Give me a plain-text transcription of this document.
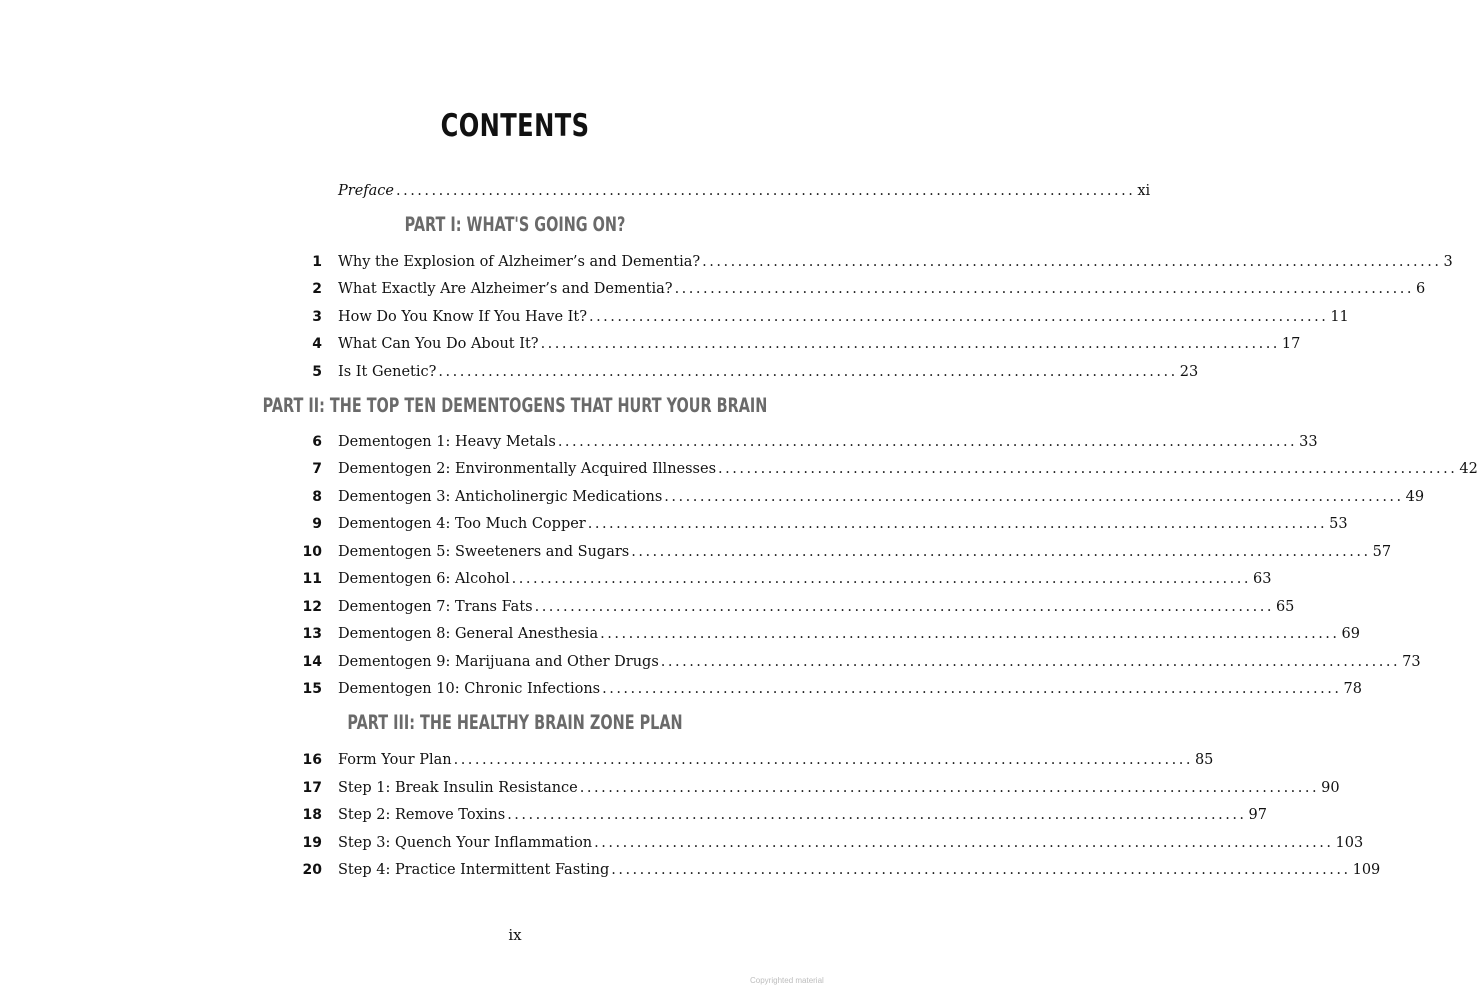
CONTENTS
Preface ........................................................................................................ xi
PART I: WHAT'S GOING ON?
1 Why the Explosion of Alzheimer’s and Dementia? ........................................................................................................ 3
2 What Exactly Are Alzheimer’s and Dementia? ........................................................................................................ 6
3 How Do You Know If You Have It? ........................................................................................................ 11
4 What Can You Do About It? ........................................................................................................ 17
5 Is It Genetic? ........................................................................................................ 23
PART II: THE TOP TEN DEMENTOGENS THAT HURT YOUR BRAIN
6 Dementogen 1: Heavy Metals ........................................................................................................ 33
7 Dementogen 2: Environmentally Acquired Illnesses ........................................................................................................ 42
8 Dementogen 3: Anticholinergic Medications ........................................................................................................ 49
9 Dementogen 4: Too Much Copper ........................................................................................................ 53
10 Dementogen 5: Sweeteners and Sugars ........................................................................................................ 57
11 Dementogen 6: Alcohol ........................................................................................................ 63
12 Dementogen 7: Trans Fats ........................................................................................................ 65
13 Dementogen 8: General Anesthesia ........................................................................................................ 69
14 Dementogen 9: Marijuana and Other Drugs ........................................................................................................ 73
15 Dementogen 10: Chronic Infections ........................................................................................................ 78
PART III: THE HEALTHY BRAIN ZONE PLAN
16 Form Your Plan ........................................................................................................ 85
17 Step 1: Break Insulin Resistance ........................................................................................................ 90
18 Step 2: Remove Toxins ........................................................................................................ 97
19 Step 3: Quench Your Inflammation ........................................................................................................ 103
20 Step 4: Practice Intermittent Fasting ........................................................................................................ 109
ix
Copyrighted material
